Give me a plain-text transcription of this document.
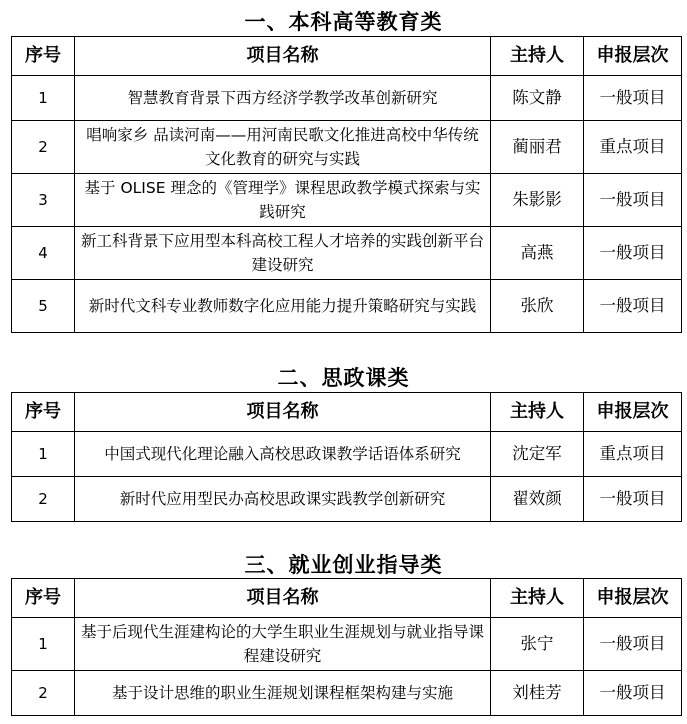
一、本科高等教育类
序号	项目名称	主持人	申报层次
1	智慧教育背景下西方经济学教学改革创新研究	陈文静	一般项目
2	唱响家乡 品读河南——用河南民歌文化推进高校中华传统文化教育的研究与实践	蔺丽君	重点项目
3	基于 OLISE 理念的《管理学》课程思政教学模式探索与实践研究	朱影影	一般项目
4	新工科背景下应用型本科高校工程人才培养的实践创新平台建设研究	高燕	一般项目
5	新时代文科专业教师数字化应用能力提升策略研究与实践	张欣	一般项目
二、思政课类
序号	项目名称	主持人	申报层次
1	中国式现代化理论融入高校思政课教学话语体系研究	沈定军	重点项目
2	新时代应用型民办高校思政课实践教学创新研究	翟效颜	一般项目
三、就业创业指导类
序号	项目名称	主持人	申报层次
1	基于后现代生涯建构论的大学生职业生涯规划与就业指导课程建设研究	张宁	一般项目
2	基于设计思维的职业生涯规划课程框架构建与实施	刘桂芳	一般项目
